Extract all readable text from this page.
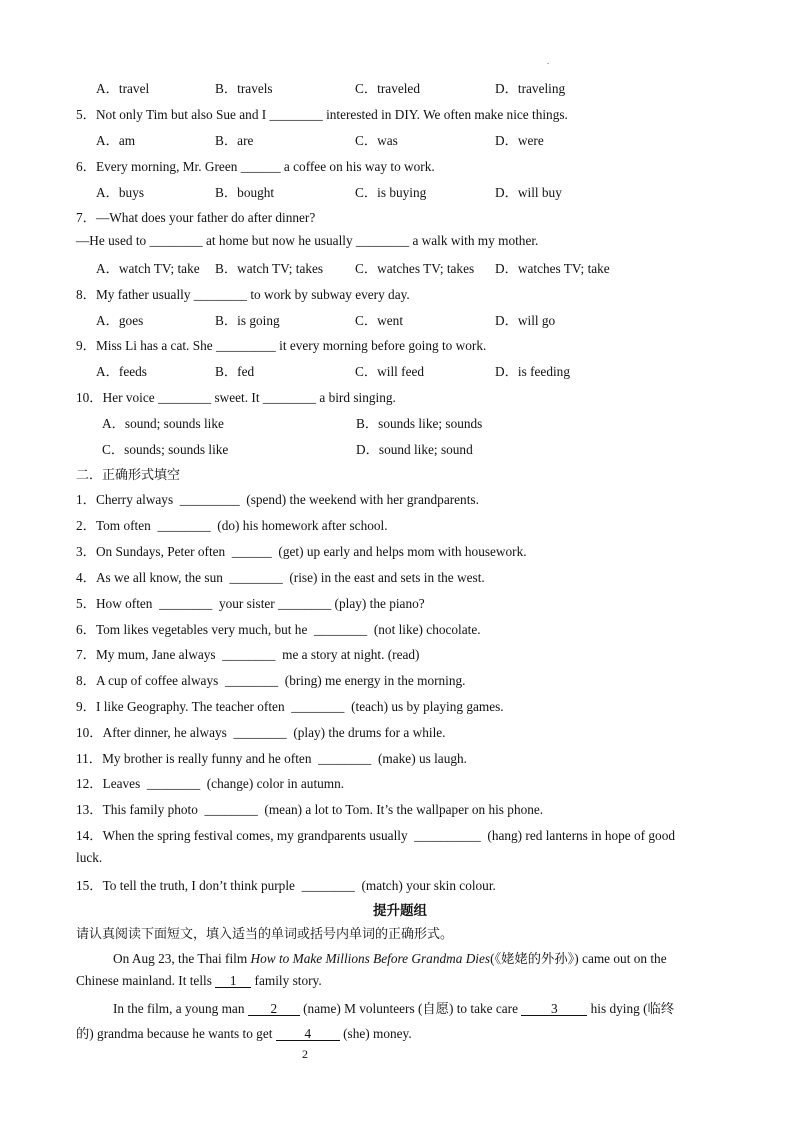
.
A．travel	B．travels	C．traveled	D．traveling
5．Not only Tim but also Sue and I ________ interested in DIY. We often make nice things.
A．am	B．are	C．was	D．were
6．Every morning, Mr. Green ______ a coffee on his way to work.
A．buys	B．bought	C．is buying	D．will buy
7．—What does your father do after dinner?
—He used to ________ at home but now he usually ________ a walk with my mother.
A．watch TV; take B．watch TV; takes C．watches TV; takes D．watches TV; take
8．My father usually ________ to work by subway every day.
A．goes	B．is going	C．went	D．will go
9．Miss Li has a cat. She _________ it every morning before going to work.
A．feeds	B．fed	C．will feed	D．is feeding
10．Her voice ________ sweet. It ________ a bird singing.
A．sound; sounds like	B．sounds like; sounds
C．sounds; sounds like	D．sound like; sound
二．正确形式填空
1．Cherry always _________ (spend) the weekend with her grandparents.
2．Tom often ________ (do) his homework after school.
3．On Sundays, Peter often ______ (get) up early and helps mom with housework.
4．As we all know, the sun ________ (rise) in the east and sets in the west.
5．How often ________ your sister ________ (play) the piano?
6．Tom likes vegetables very much, but he ________ (not like) chocolate.
7．My mum, Jane always ________ me a story at night. (read)
8．A cup of coffee always ________ (bring) me energy in the morning.
9．I like Geography. The teacher often ________ (teach) us by playing games.
10．After dinner, he always ________ (play) the drums for a while.
11．My brother is really funny and he often ________ (make) us laugh.
12．Leaves ________ (change) color in autumn.
13．This family photo ________ (mean) a lot to Tom. It’s the wallpaper on his phone.
14．When the spring festival comes, my grandparents usually __________ (hang) red lanterns in hope of good
luck.
15．To tell the truth, I don’t think purple ________ (match) your skin colour.
提升题组
请认真阅读下面短文，填入适当的单词或括号内单词的正确形式。
On Aug 23, the Thai film How to Make Millions Before Grandma Dies(《姥姥的外孙》) came out on the
Chinese mainland. It tells 1 family story.
In the film, a young man 2 (name) M volunteers (自愿) to take care 3 his dying (临终
的) grandma because he wants to get 4 (she) money.
2
